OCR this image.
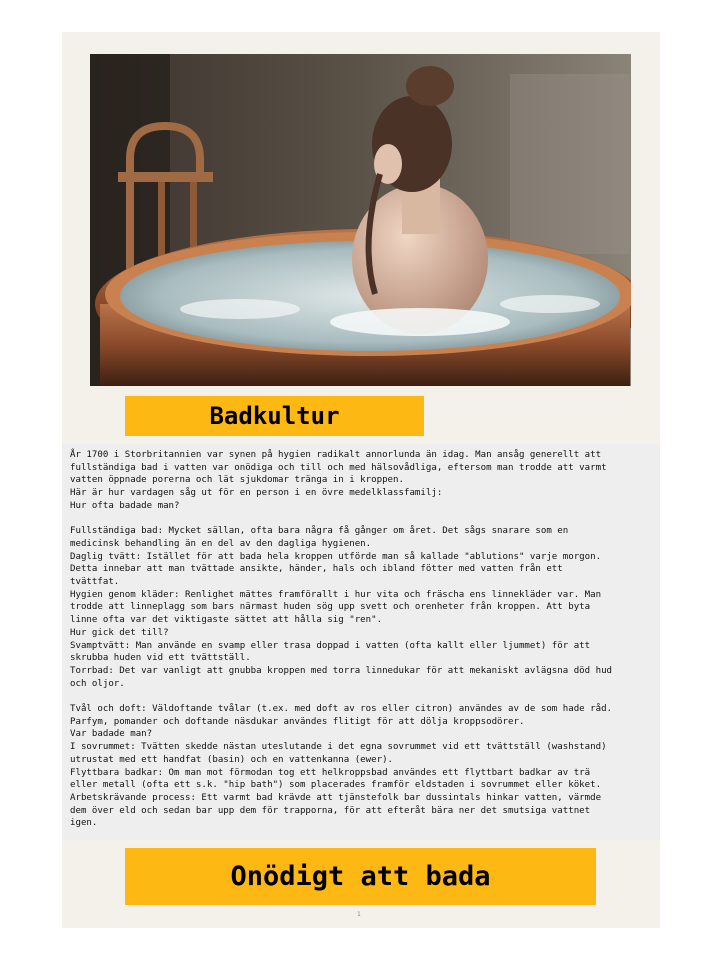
Badkultur
År 1700 i Storbritannien var synen på hygien radikalt annorlunda än idag. Man ansåg generellt att
fullständiga bad i vatten var onödiga och till och med hälsovådliga, eftersom man trodde att varmt
vatten öppnade porerna och lät sjukdomar tränga in i kroppen.
Här är hur vardagen såg ut för en person i en övre medelklassfamilj:
Hur ofta badade man?
Fullständiga bad: Mycket sällan, ofta bara några få gånger om året. Det sågs snarare som en
medicinsk behandling än en del av den dagliga hygienen.
Daglig tvätt: Istället för att bada hela kroppen utförde man så kallade "ablutions" varje morgon.
Detta innebar att man tvättade ansikte, händer, hals och ibland fötter med vatten från ett
tvättfat.
Hygien genom kläder: Renlighet mättes framförallt i hur vita och fräscha ens linnekläder var. Man
trodde att linneplagg som bars närmast huden sög upp svett och orenheter från kroppen. Att byta
linne ofta var det viktigaste sättet att hålla sig "ren".
Hur gick det till?
Svamptvätt: Man använde en svamp eller trasa doppad i vatten (ofta kallt eller ljummet) för att
skrubba huden vid ett tvättställ.
Torrbad: Det var vanligt att gnubba kroppen med torra linnedukar för att mekaniskt avlägsna död hud
och oljor.
Tvål och doft: Väldoftande tvålar (t.ex. med doft av ros eller citron) användes av de som hade råd.
Parfym, pomander och doftande näsdukar användes flitigt för att dölja kroppsodörer.
Var badade man?
I sovrummet: Tvätten skedde nästan uteslutande i det egna sovrummet vid ett tvättställ (washstand)
utrustat med ett handfat (basin) och en vattenkanna (ewer).
Flyttbara badkar: Om man mot förmodan tog ett helkroppsbad användes ett flyttbart badkar av trä
eller metall (ofta ett s.k. "hip bath") som placerades framför eldstaden i sovrummet eller köket.
Arbetskrävande process: Ett varmt bad krävde att tjänstefolk bar dussintals hinkar vatten, värmde
dem över eld och sedan bar upp dem för trapporna, för att efteråt bära ner det smutsiga vattnet
igen.
Onödigt att bada
1
